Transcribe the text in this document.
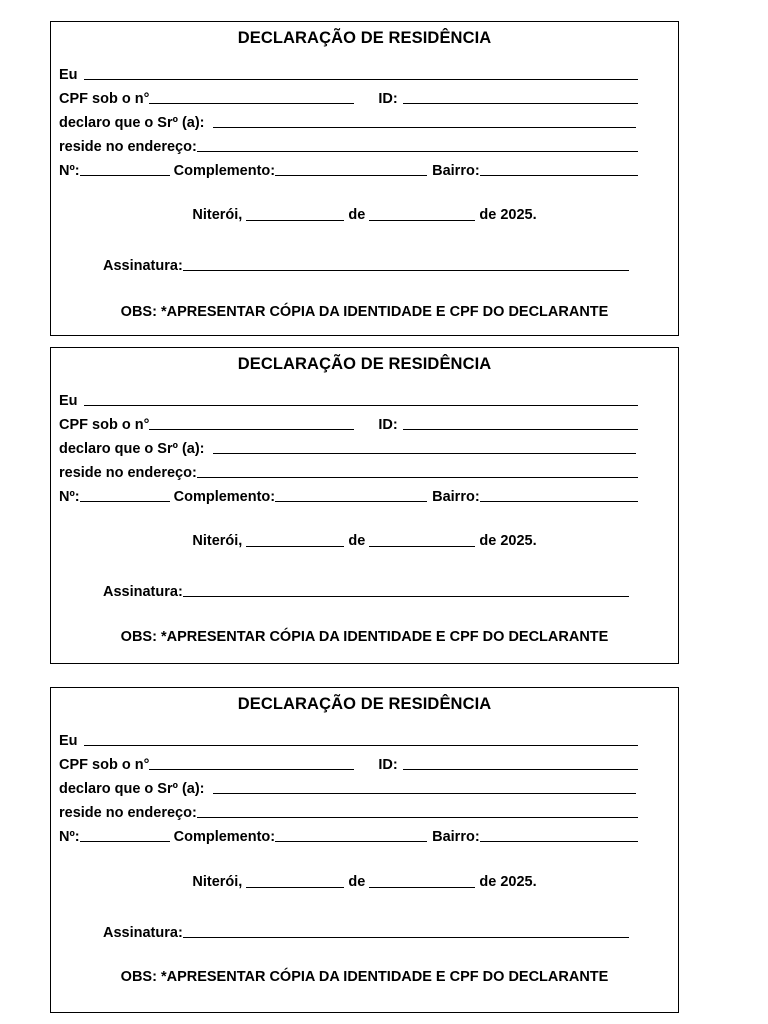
DECLARAÇÃO DE RESIDÊNCIA
Eu
CPF sob o n°	ID:
declaro que o Srº (a):
reside no endereço:
Nº:	Complemento:	Bairro:
Niterói,	de	de 2025.
Assinatura:
OBS: *APRESENTAR CÓPIA DA IDENTIDADE E CPF DO DECLARANTE
DECLARAÇÃO DE RESIDÊNCIA
Eu
CPF sob o n°	ID:
declaro que o Srº (a):
reside no endereço:
Nº:	Complemento:	Bairro:
Niterói,	de	de 2025.
Assinatura:
OBS: *APRESENTAR CÓPIA DA IDENTIDADE E CPF DO DECLARANTE
DECLARAÇÃO DE RESIDÊNCIA
Eu
CPF sob o n°	ID:
declaro que o Srº (a):
reside no endereço:
Nº:	Complemento:	Bairro:
Niterói,	de	de 2025.
Assinatura:
OBS: *APRESENTAR CÓPIA DA IDENTIDADE E CPF DO DECLARANTE
